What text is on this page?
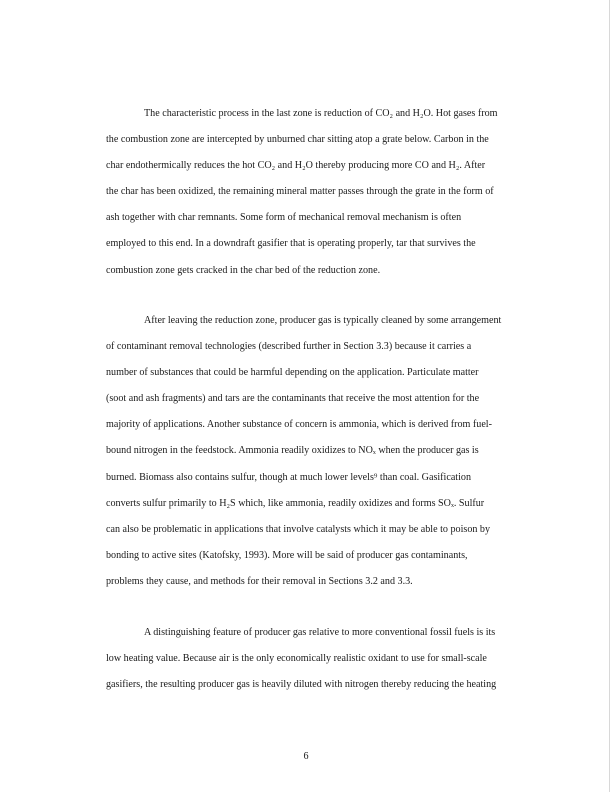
The characteristic process in the last zone is reduction of CO₂ and H₂O. Hot gases from
the combustion zone are intercepted by unburned char sitting atop a grate below. Carbon in the
char endothermically reduces the hot CO₂ and H₂O thereby producing more CO and H₂. After
the char has been oxidized, the remaining mineral matter passes through the grate in the form of
ash together with char remnants. Some form of mechanical removal mechanism is often
employed to this end. In a downdraft gasifier that is operating properly, tar that survives the
combustion zone gets cracked in the char bed of the reduction zone.
After leaving the reduction zone, producer gas is typically cleaned by some arrangement
of contaminant removal technologies (described further in Section 3.3) because it carries a
number of substances that could be harmful depending on the application. Particulate matter
(soot and ash fragments) and tars are the contaminants that receive the most attention for the
majority of applications. Another substance of concern is ammonia, which is derived from fuel-
bound nitrogen in the feedstock. Ammonia readily oxidizes to NOₓ when the producer gas is
burned. Biomass also contains sulfur, though at much lower levels⁹ than coal. Gasification
converts sulfur primarily to H₂S which, like ammonia, readily oxidizes and forms SOₓ. Sulfur
can also be problematic in applications that involve catalysts which it may be able to poison by
bonding to active sites (Katofsky, 1993). More will be said of producer gas contaminants,
problems they cause, and methods for their removal in Sections 3.2 and 3.3.
A distinguishing feature of producer gas relative to more conventional fossil fuels is its
low heating value. Because air is the only economically realistic oxidant to use for small-scale
gasifiers, the resulting producer gas is heavily diluted with nitrogen thereby reducing the heating
6
